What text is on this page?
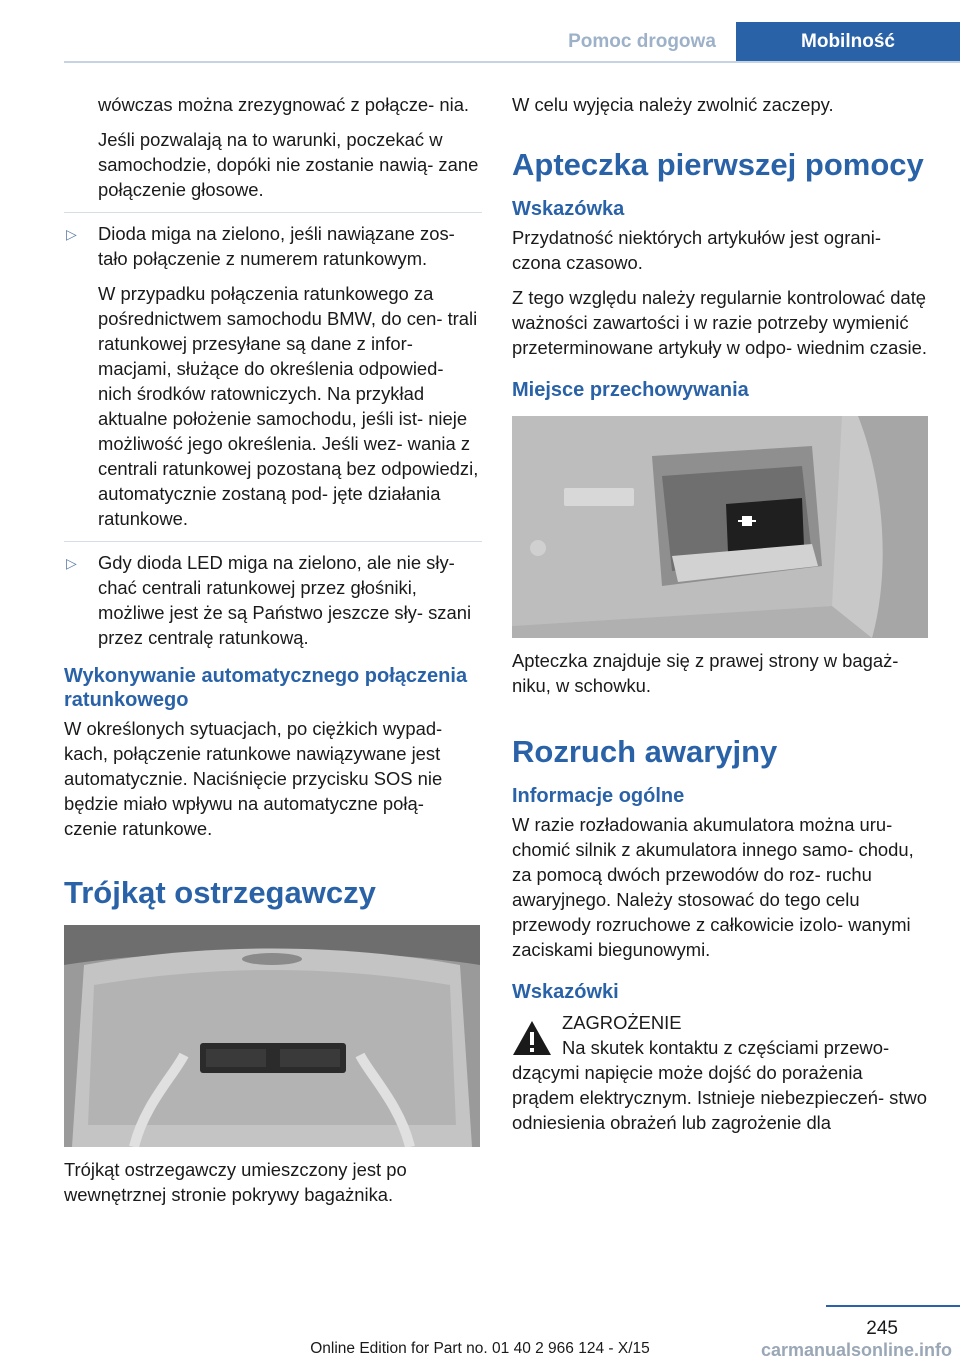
Pomoc drogowa	Mobilność

wówczas można zrezygnować z połącze‐ nia.

Jeśli pozwalają na to warunki, poczekać w samochodzie, dopóki nie zostanie nawią‐ zane połączenie głosowe.

▷ Dioda miga na zielono, jeśli nawiązane zos‐ tało połączenie z numerem ratunkowym.

W przypadku połączenia ratunkowego za pośrednictwem samochodu BMW, do cen‐ trali ratunkowej przesyłane są dane z infor‐ macjami, służące do określenia odpowied‐ nich środków ratowniczych. Na przykład aktualne położenie samochodu, jeśli ist‐ nieje możliwość jego określenia. Jeśli wez‐ wania z centrali ratunkowej pozostaną bez odpowiedzi, automatycznie zostaną pod‐ jęte działania ratunkowe.

▷ Gdy dioda LED miga na zielono, ale nie sły‐ chać centrali ratunkowej przez głośniki, możliwe jest że są Państwo jeszcze sły‐ szani przez centralę ratunkową.

Wykonywanie automatycznego połączenia ratunkowego

W określonych sytuacjach, po ciężkich wypad‐ kach, połączenie ratunkowe nawiązywane jest automatycznie. Naciśnięcie przycisku SOS nie będzie miało wpływu na automatyczne połą‐ czenie ratunkowe.

Trójkąt ostrzegawczy

Trójkąt ostrzegawczy umieszczony jest po wewnętrznej stronie pokrywy bagażnika.

W celu wyjęcia należy zwolnić zaczepy.

Apteczka pierwszej pomocy
Wskazówka

Przydatność niektórych artykułów jest ograni‐ czona czasowo.

Z tego względu należy regularnie kontrolować datę ważności zawartości i w razie potrzeby wymienić przeterminowane artykuły w odpo‐ wiednim czasie.

Miejsce przechowywania

Apteczka znajduje się z prawej strony w bagaż‐ niku, w schowku.

Rozruch awaryjny
Informacje ogólne

W razie rozładowania akumulatora można uru‐ chomić silnik z akumulatora innego samo‐ chodu, za pomocą dwóch przewodów do roz‐ ruchu awaryjnego. Należy stosować do tego celu przewody rozruchowe z całkowicie izolo‐ wanymi zaciskami biegunowymi.

Wskazówki
ZAGROŻENIE
Na skutek kontaktu z częściami przewo‐

dzącymi napięcie może dojść do porażenia prądem elektrycznym. Istnieje niebezpieczeń‐ stwo odniesienia obrażeń lub zagrożenie dla

245
Online Edition for Part no. 01 40 2 966 124 - X/15	carmanualsonline.info
